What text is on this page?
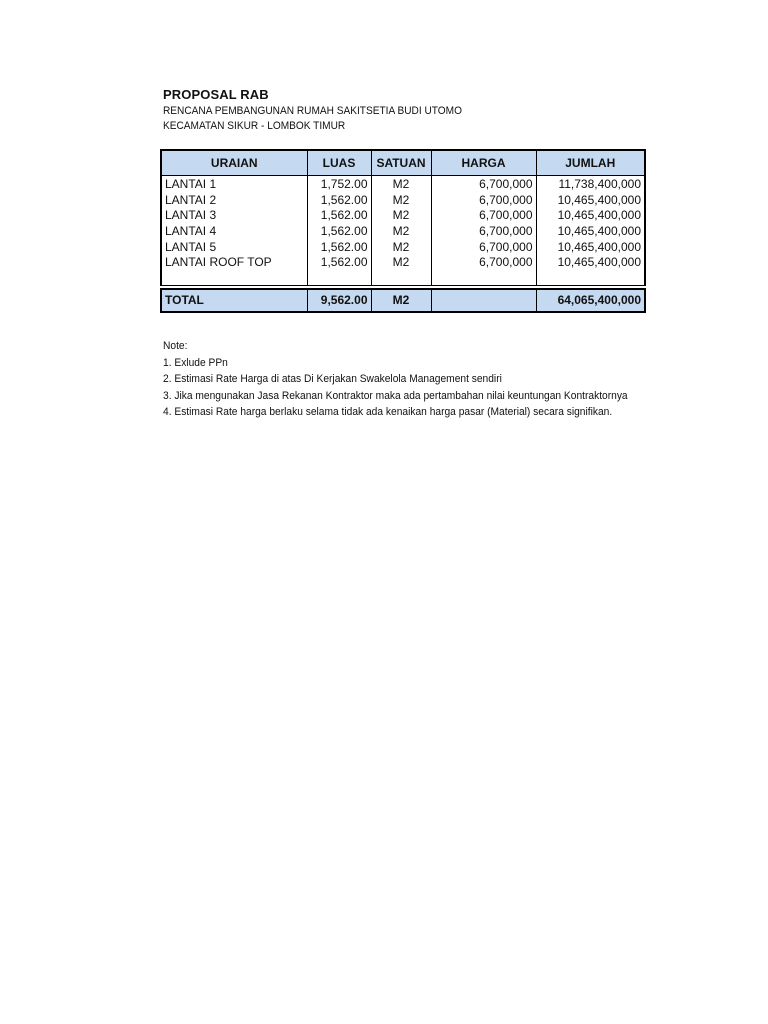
PROPOSAL RAB
RENCANA PEMBANGUNAN RUMAH SAKITSETIA BUDI UTOMO
KECAMATAN SIKUR - LOMBOK TIMUR
URAIAN	LUAS	SATUAN	HARGA	JUMLAH
LANTAI 1	1,752.00	M2	6,700,000	11,738,400,000
LANTAI 2	1,562.00	M2	6,700,000	10,465,400,000
LANTAI 3	1,562.00	M2	6,700,000	10,465,400,000
LANTAI 4	1,562.00	M2	6,700,000	10,465,400,000
LANTAI 5	1,562.00	M2	6,700,000	10,465,400,000
LANTAI ROOF TOP	1,562.00	M2	6,700,000	10,465,400,000

TOTAL	9,562.00	M2		64,065,400,000
Note:
1. Exlude PPn
2. Estimasi Rate Harga di atas Di Kerjakan Swakelola Management sendiri
3. Jika mengunakan Jasa Rekanan Kontraktor maka ada pertambahan nilai keuntungan Kontraktornya
4. Estimasi Rate harga berlaku selama tidak ada kenaikan harga pasar (Material) secara signifikan.
